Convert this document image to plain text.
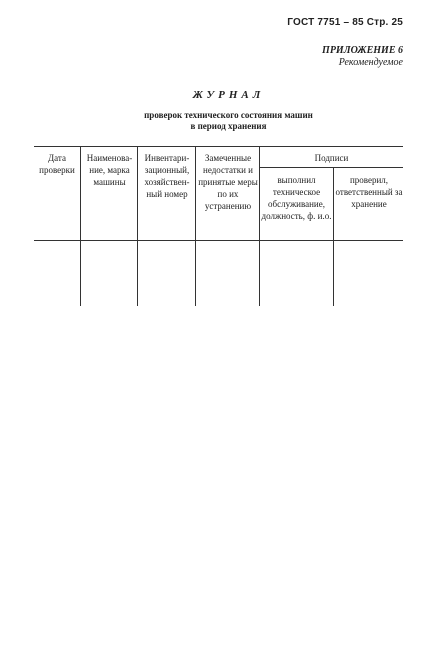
ГОСТ 7751 – 85 Стр. 25
ПРИЛОЖЕНИЕ 6
Рекомендуемое
ЖУРНАЛ
проверок технического состояния машин
в период хранения
Дата проверки
Наименова-ние, марка машины
Инвентари-зационный, хозяйствен-ный номер
Замеченные недостатки и принятые меры по их устранению
Подписи
выполнил техническое обслуживание, должность, ф. и.о.
проверил, ответственный за хранение
